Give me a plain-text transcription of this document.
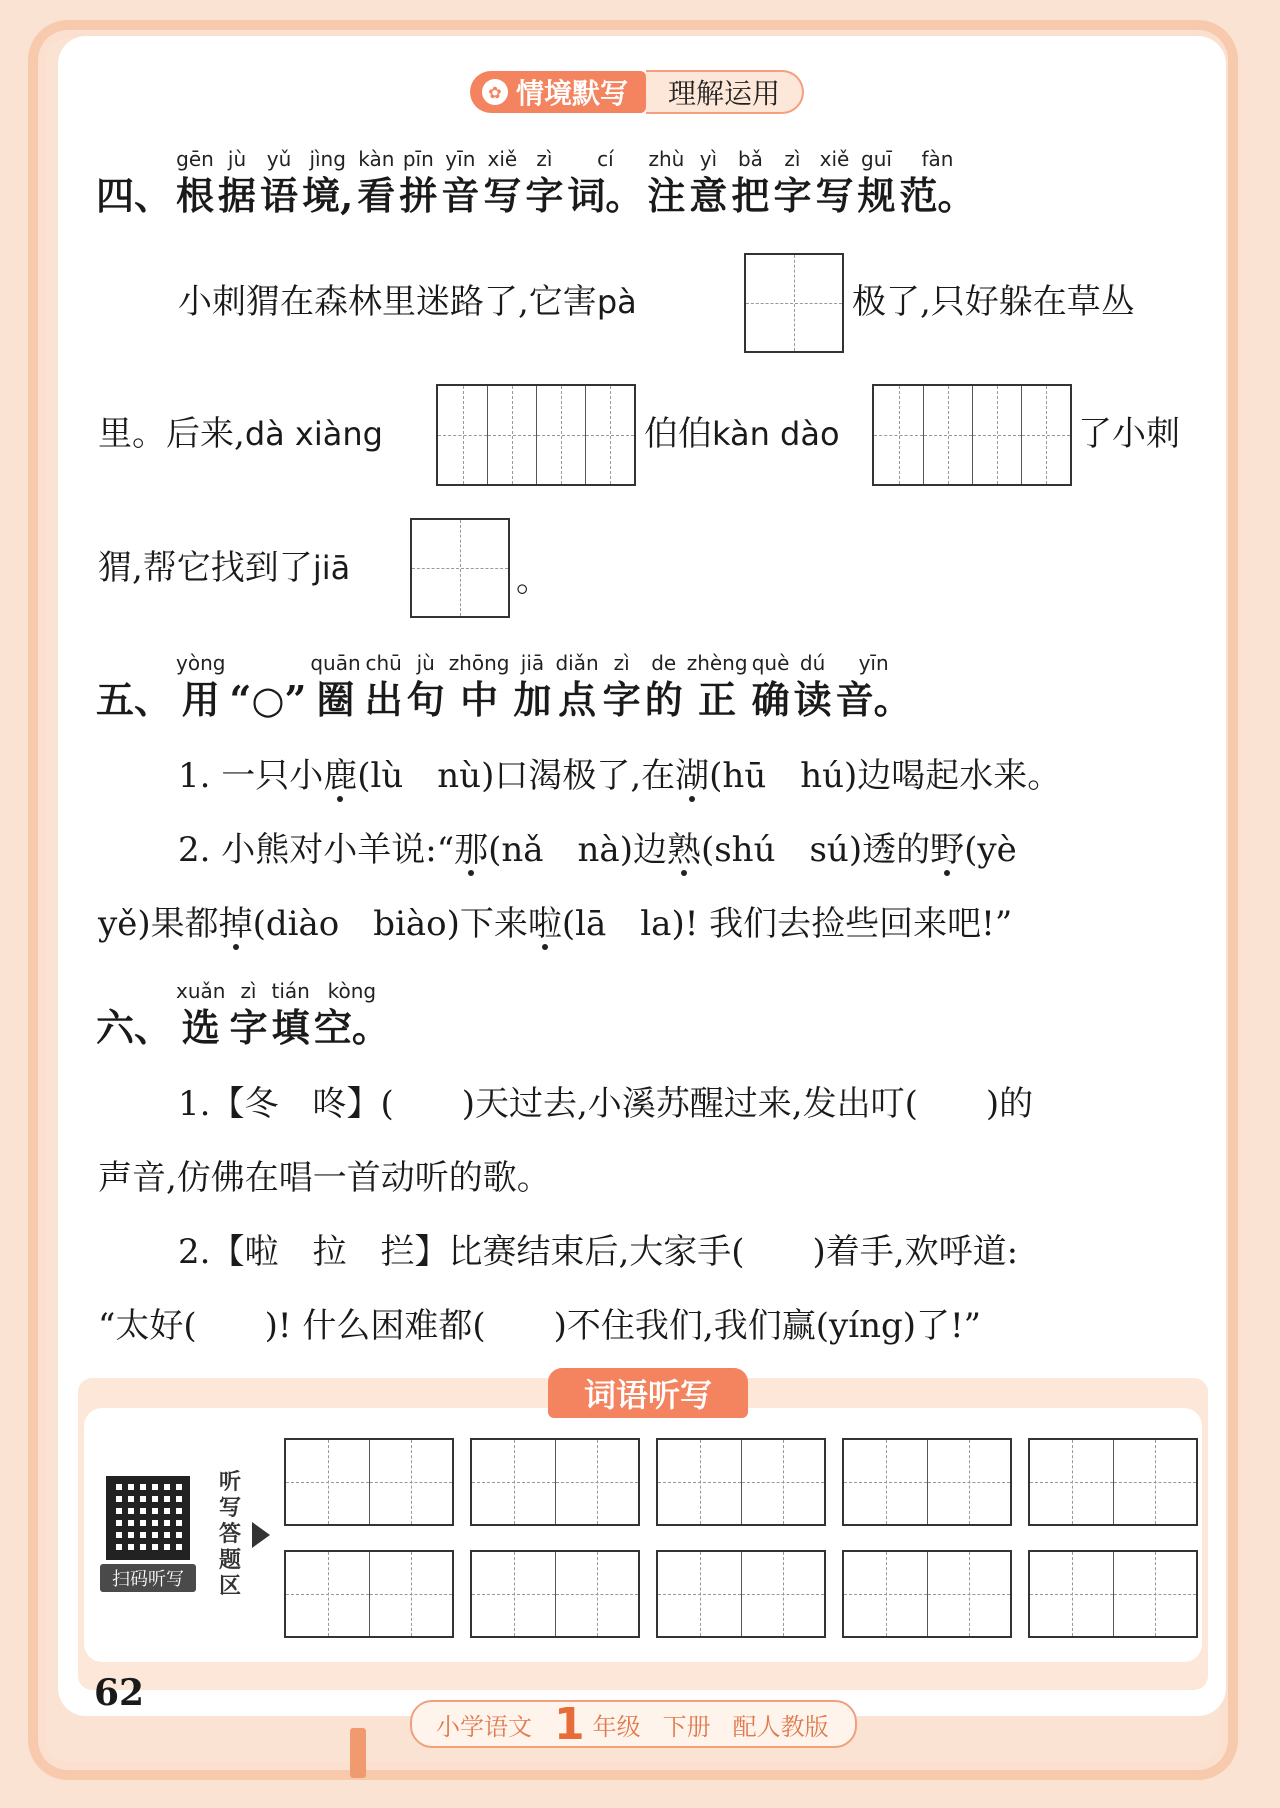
✿ 情境默写	理解运用

四、
gēn
根
jù
据
yǔ
语
jìng
境,
kàn
看
pīn
拼
yīn
音
xiě
写
zì
字
cí
词。
zhù
注
yì
意
bǎ
把
zì
字
xiě
写
guī
规
fàn
范。
小刺猬在森林里迷路了,它害pà	极了,只好躲在草丛
里。后来,dà xiàng	伯伯kàn dào	了小刺
猬,帮它找到了jiā	。

五、
yòng
用
“○”
quān
圈
chū
出
jù
句
zhōng
中
jiā
加
diǎn
点
zì
字
de
的
zhèng
正
què
确
dú
读
yīn
音。
1. 一只小鹿(lù　nù)口渴极了,在湖(hū　hú)边喝起水来。
2. 小熊对小羊说:“那(nǎ　nà)边熟(shú　sú)透的野(yè
yě)果都掉(diào　biào)下来啦(lā　la)! 我们去捡些回来吧!”

六、
xuǎn
选
zì
字
tián
填
kòng
空。
1.【冬　咚】(　　)天过去,小溪苏醒过来,发出叮(　　)的
声音,仿佛在唱一首动听的歌。
2.【啦　拉　拦】比赛结束后,大家手(　　)着手,欢呼道:
“太好(　　)! 什么困难都(　　)不住我们,我们赢(yíng)了!”
词语听写
扫码听写
听写答题区
62
小学语文 1 年级 下册 配人教版
